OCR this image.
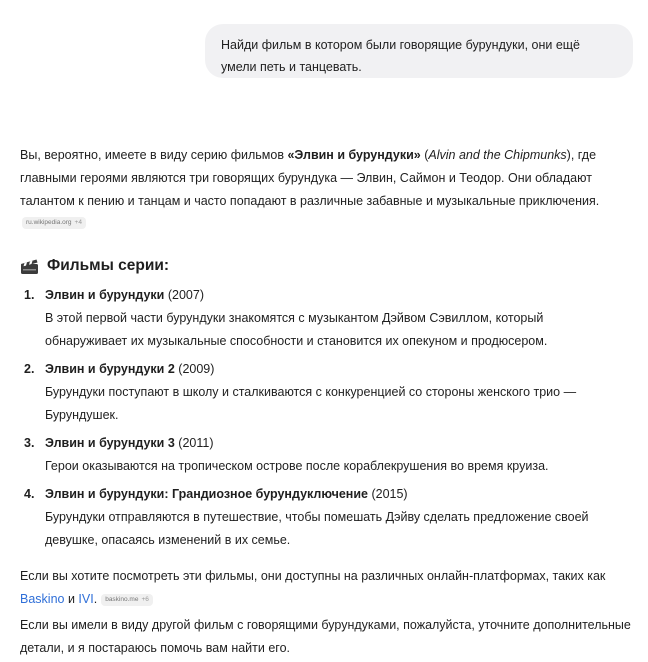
Найди фильм в котором были говорящие бурундуки, они ещё умели петь и танцевать.

Вы, вероятно, имеете в виду серию фильмов «Элвин и бурундуки» (Alvin and the Chipmunks), где главными героями являются три говорящих бурундука — Элвин, Саймон и Теодор. Они обладают талантом к пению и танцам и часто попадают в различные забавные и музыкальные приключения.

ru.wikipedia.org +4
Фильмы серии:
1. Элвин и бурундуки (2007)
В этой первой части бурундуки знакомятся с музыкантом Дэйвом Сэвиллом, который обнаруживает их музыкальные способности и становится их опекуном и продюсером.
2. Элвин и бурундуки 2 (2009)
Бурундуки поступают в школу и сталкиваются с конкуренцией со стороны женского трио — Бурундушек.
3. Элвин и бурундуки 3 (2011)
Герои оказываются на тропическом острове после кораблекрушения во время круиза.
4. Элвин и бурундуки: Грандиозное бурундуключение (2015)
Бурундуки отправляются в путешествие, чтобы помешать Дэйву сделать предложение своей девушке, опасаясь изменений в их семье.

Если вы хотите посмотреть эти фильмы, они доступны на различных онлайн-платформах, таких как Baskino и IVI. baskino.me +6

Если вы имели в виду другой фильм с говорящими бурундуками, пожалуйста, уточните дополнительные детали, и я постараюсь помочь вам найти его.
